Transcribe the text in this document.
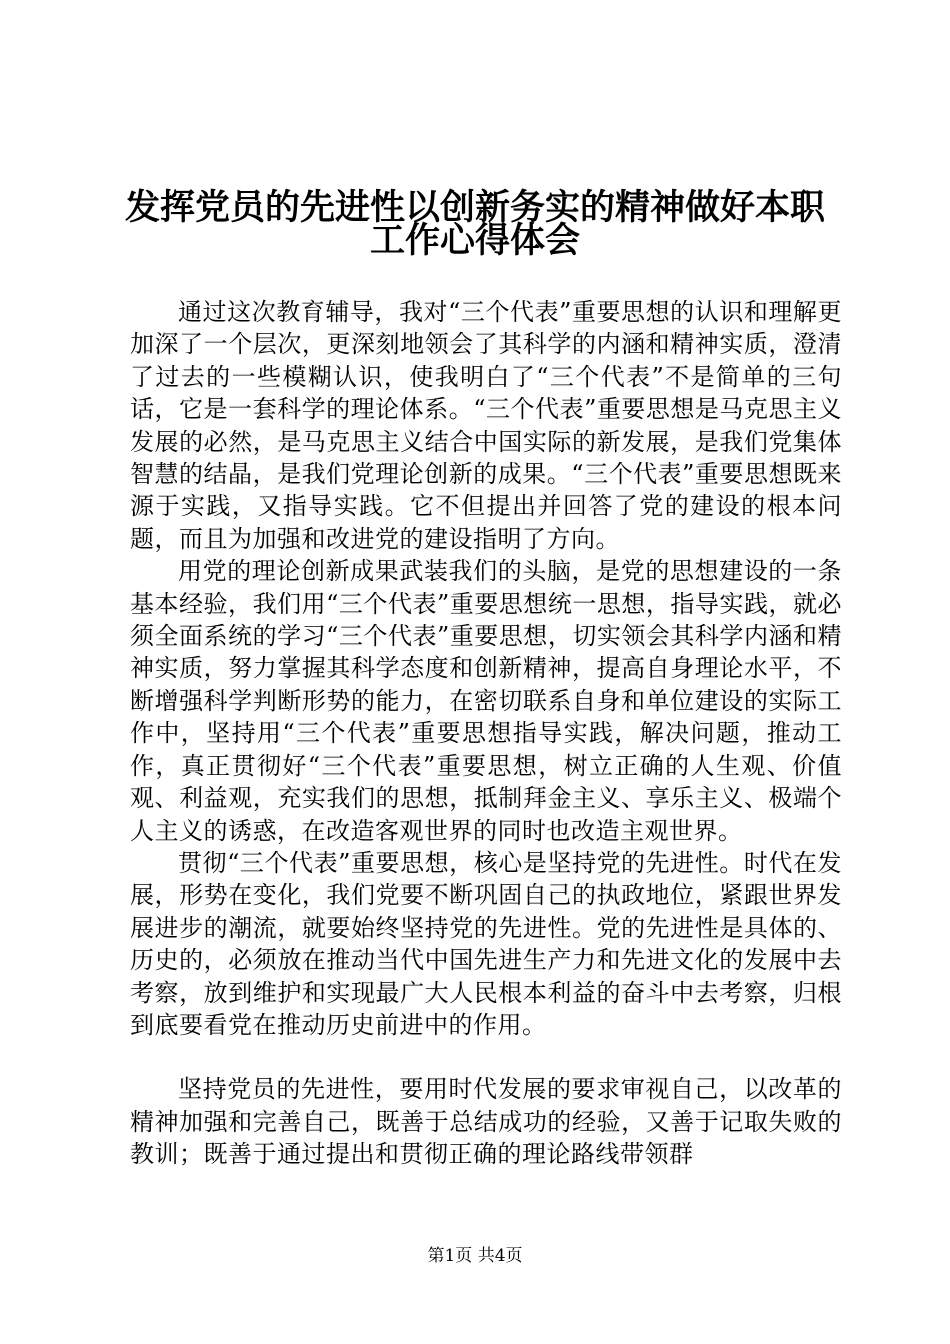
发挥党员的先进性以创新务实的精神做好本职
工作心得体会

通过这次教育辅导，我对“三个代表”重要思想的认识和理解更加深了一个层次，更深刻地领会了其科学的内涵和精神实质，澄清了过去的一些模糊认识，使我明白了“三个代表”不是简单的三句话，它是一套科学的理论体系。“三个代表”重要思想是马克思主义发展的必然，是马克思主义结合中国实际的新发展，是我们党集体智慧的结晶，是我们党理论创新的成果。“三个代表”重要思想既来源于实践，又指导实践。它不但提出并回答了党的建设的根本问题，而且为加强和改进党的建设指明了方向。

用党的理论创新成果武装我们的头脑，是党的思想建设的一条基本经验，我们用“三个代表”重要思想统一思想，指导实践，就必须全面系统的学习“三个代表”重要思想，切实领会其科学内涵和精神实质，努力掌握其科学态度和创新精神，提高自身理论水平，不断增强科学判断形势的能力，在密切联系自身和单位建设的实际工作中，坚持用“三个代表”重要思想指导实践，解决问题，推动工作，真正贯彻好“三个代表”重要思想，树立正确的人生观、价值观、利益观，充实我们的思想，抵制拜金主义、享乐主义、极端个人主义的诱惑，在改造客观世界的同时也改造主观世界。

贯彻“三个代表”重要思想，核心是坚持党的先进性。时代在发展，形势在变化，我们党要不断巩固自己的执政地位，紧跟世界发展进步的潮流，就要始终坚持党的先进性。党的先进性是具体的、历史的，必须放在推动当代中国先进生产力和先进文化的发展中去考察，放到维护和实现最广大人民根本利益的奋斗中去考察，归根到底要看党在推动历史前进中的作用。

坚持党员的先进性，要用时代发展的要求审视自己，以改革的精神加强和完善自己，既善于总结成功的经验，又善于记取失败的教训；既善于通过提出和贯彻正确的理论路线带领群

第1页 共4页
